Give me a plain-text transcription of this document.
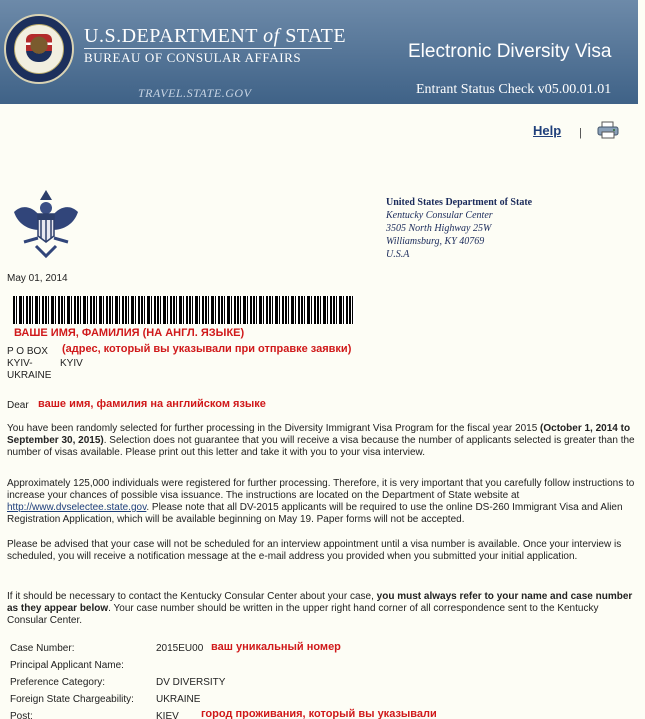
U.S.DEPARTMENT of STATE
BUREAU OF CONSULAR AFFAIRS
TRAVEL.STATE.GOV
Electronic Diversity Visa
Entrant Status Check v05.00.01.01
Help |
United States Department of State
Kentucky Consular Center
3505 North Highway 25W
Williamsburg, KY 40769
U.S.A
May 01, 2014
ВАШЕ ИМЯ, ФАМИЛИЯ (НА АНГЛ. ЯЗЫКЕ)
P O BOX
KYIV-
UKRAINE
KYIV
(адрес, который вы указывали при отправке заявки)
Dear ваше имя, фамилия на английском языке
You have been randomly selected for further processing in the Diversity Immigrant Visa Program for the fiscal year 2015 (October 1, 2014 to September 30, 2015). Selection does not guarantee that you will receive a visa because the number of applicants selected is greater than the number of visas available. Please print out this letter and take it with you to your visa interview.
Approximately 125,000 individuals were registered for further processing. Therefore, it is very important that you carefully follow instructions to increase your chances of possible visa issuance. The instructions are located on the Department of State website at http://www.dvselectee.state.gov. Please note that all DV-2015 applicants will be required to use the online DS-260 Immigrant Visa and Alien Registration Application, which will be available beginning on May 19. Paper forms will not be accepted.
Please be advised that your case will not be scheduled for an interview appointment until a visa number is available. Once your interview is scheduled, you will receive a notification message at the e-mail address you provided when you submitted your initial application.
If it should be necessary to contact the Kentucky Consular Center about your case, you must always refer to your name and case number as they appear below. Your case number should be written in the upper right hand corner of all correspondence sent to the Kentucky Consular Center.
Case Number:	2015EU00
Principal Applicant Name:
Preference Category:	DV DIVERSITY
Foreign State Chargeability: UKRAINE
Post:	KIEV
ваш уникальный номер
город проживания, который вы указывали
